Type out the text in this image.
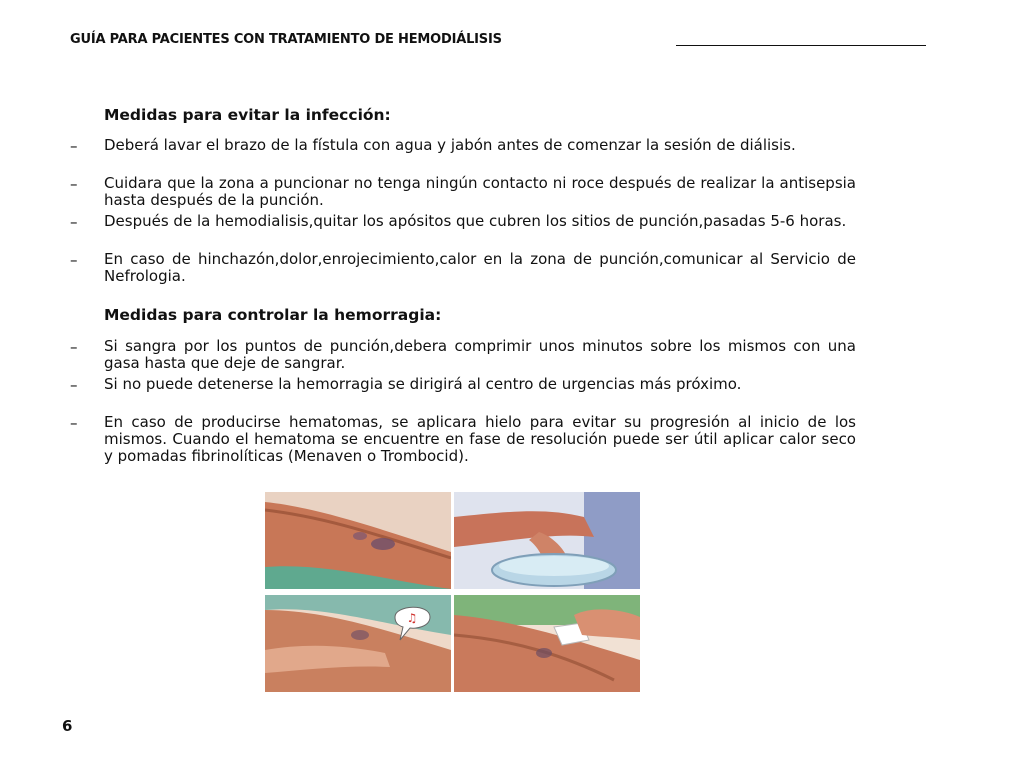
GUÍA PARA PACIENTES CON TRATAMIENTO DE HEMODIÁLISIS
Medidas para evitar la infección:
– Deberá lavar el brazo de la fístula con agua y jabón antes de comenzar la sesión de diálisis.
– Cuidara que la zona a puncionar no tenga ningún contacto ni roce después de realizar la antisepsia hasta después de la punción.
– Después de la hemodialisis,quitar los apósitos que cubren los sitios de punción,pasadas 5-6 horas.
– En caso de hinchazón,dolor,enrojecimiento,calor en la zona de punción,comunicar al Servicio de Nefrologia.
Medidas para controlar la hemorragia:
– Si sangra por los puntos de punción,debera comprimir unos minutos sobre los mismos con una gasa hasta que deje de sangrar.
– Si no puede detenerse la hemorragia se dirigirá al centro de urgencias más próximo.
– En caso de producirse hematomas, se aplicara hielo para evitar su progresión al inicio de los mismos. Cuando el hematoma se encuentre en fase de resolución puede ser útil aplicar calor seco y pomadas fibrinolíticas (Menaven o Trombocid).
♫
6
